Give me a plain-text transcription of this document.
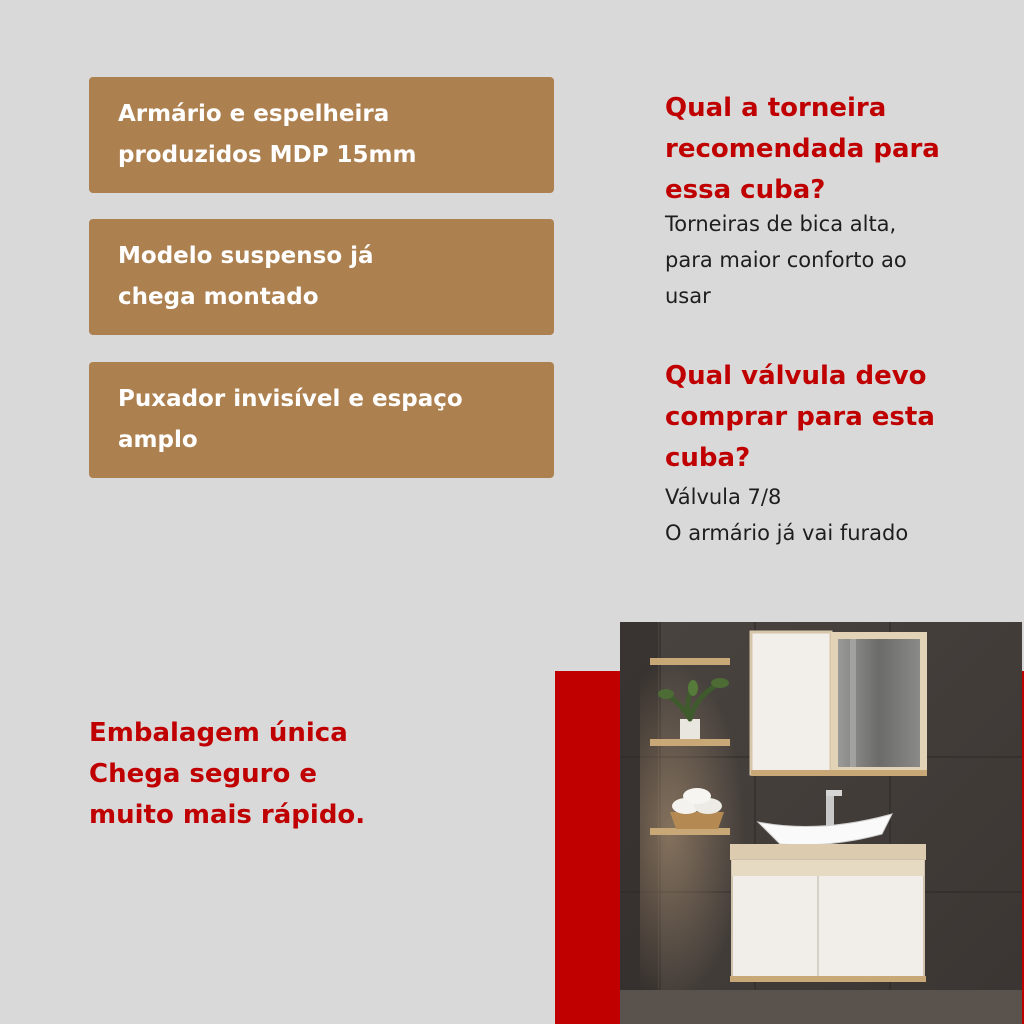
Armário e espelheira
produzidos MDP 15mm
Modelo suspenso já
chega montado
Puxador invisível e espaço
amplo
Qual a torneira
recomendada para
essa cuba?
Torneiras de bica alta,
para maior conforto ao
usar
Qual válvula devo
comprar para esta
cuba?
Válvula 7/8
O armário já vai furado
Embalagem única
Chega seguro e
muito mais rápido.
